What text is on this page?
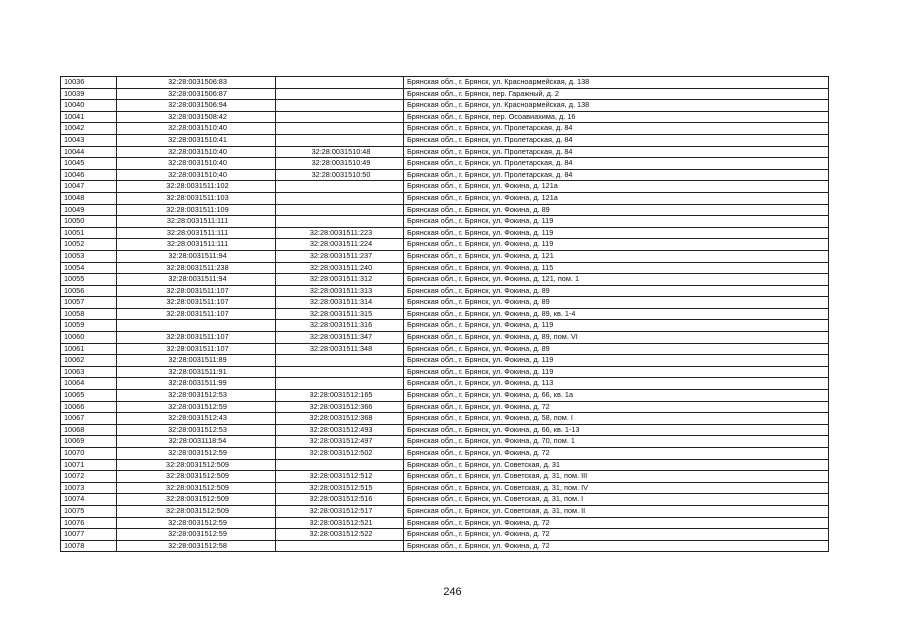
10036	32:28:0031506:83		Брянская обл., г. Брянск, ул. Красноармейская, д. 138
10039	32:28:0031506:87		Брянская обл., г. Брянск, пер. Гаражный, д. 2
10040	32:28:0031506:94		Брянская обл., г. Брянск, ул. Красноармейская, д. 138
10041	32:28:0031508:42		Брянская обл., г. Брянск, пер. Осоавиахима, д. 16
10042	32:28:0031510:40		Брянская обл., г. Брянск, ул. Пролетарская, д. 84
10043	32:28:0031510:41		Брянская обл., г. Брянск, ул. Пролетарская, д. 84
10044	32:28:0031510:40	32:28:0031510:48	Брянская обл., г. Брянск, ул. Пролетарская, д. 84
10045	32:28:0031510:40	32:28:0031510:49	Брянская обл., г. Брянск, ул. Пролетарская, д. 84
10046	32:28:0031510:40	32:28:0031510:50	Брянская обл., г. Брянск, ул. Пролетарская, д. 84
10047	32:28:0031511:102		Брянская обл., г. Брянск, ул. Фокина, д. 121а
10048	32:28:0031511:103		Брянская обл., г. Брянск, ул. Фокина, д. 121а
10049	32:28:0031511:109		Брянская обл., г. Брянск, ул. Фокина, д. 89
10050	32:28:0031511:111		Брянская обл., г. Брянск, ул. Фокина, д. 119
10051	32:28:0031511:111	32:28:0031511:223	Брянская обл., г. Брянск, ул. Фокина, д. 119
10052	32:28:0031511:111	32:28:0031511:224	Брянская обл., г. Брянск, ул. Фокина, д. 119
10053	32:28:0031511:94	32:28:0031511:237	Брянская обл., г. Брянск, ул. Фокина, д. 121
10054	32:28:0031511:238	32:28:0031511:240	Брянская обл., г. Брянск, ул. Фокина, д. 115
10055	32:28:0031511:94	32:28:0031511:312	Брянская обл., г. Брянск, ул. Фокина, д. 121, пом. 1
10056	32:28:0031511:107	32:28:0031511:313	Брянская обл., г. Брянск, ул. Фокина, д. 89
10057	32:28:0031511:107	32:28:0031511:314	Брянская обл., г. Брянск, ул. Фокина, д. 89
10058	32:28:0031511:107	32:28:0031511:315	Брянская обл., г. Брянск, ул. Фокина, д. 89, кв. 1-4
10059		32:28:0031511:316	Брянская обл., г. Брянск, ул. Фокина, д. 119
10060	32:28:0031511:107	32:28:0031511:347	Брянская обл., г. Брянск, ул. Фокина, д. 89, пом. VI
10061	32:28:0031511:107	32:28:0031511:348	Брянская обл., г. Брянск, ул. Фокина, д. 89
10062	32:28:0031511:89		Брянская обл., г. Брянск, ул. Фокина, д. 119
10063	32:28:0031511:91		Брянская обл., г. Брянск, ул. Фокина, д. 119
10064	32:28:0031511:99		Брянская обл., г. Брянск, ул. Фокина, д. 113
10065	32:28:0031512:53	32:28:0031512:165	Брянская обл., г. Брянск, ул. Фокина, д. 66, кв. 1а
10066	32:28:0031512:59	32:28:0031512:366	Брянская обл., г. Брянск, ул. Фокина, д. 72
10067	32:28:0031512:43	32:28:0031512:368	Брянская обл., г. Брянск, ул. Фокина, д. 58, пом. I
10068	32:28:0031512:53	32:28:0031512:493	Брянская обл., г. Брянск, ул. Фокина, д. 66, кв. 1-13
10069	32:28:0031118:54	32:28:0031512:497	Брянская обл., г. Брянск, ул. Фокина, д. 70, пом. 1
10070	32:28:0031512:59	32:28:0031512:502	Брянская обл., г. Брянск, ул. Фокина, д. 72
10071	32:28:0031512:509		Брянская обл., г. Брянск, ул. Советская, д. 31
10072	32:28:0031512:509	32:28:0031512:512	Брянская обл., г. Брянск, ул. Советская, д. 31, пом. III
10073	32:28:0031512:509	32:28:0031512:515	Брянская обл., г. Брянск, ул. Советская, д. 31, пом. IV
10074	32:28:0031512:509	32:28:0031512:516	Брянская обл., г. Брянск, ул. Советская, д. 31, пом. I
10075	32:28:0031512:509	32:28:0031512:517	Брянская обл., г. Брянск, ул. Советская, д. 31, пом. II
10076	32:28:0031512:59	32:28:0031512:521	Брянская обл., г. Брянск, ул. Фокина, д. 72
10077	32:28:0031512:59	32:28:0031512:522	Брянская обл., г. Брянск, ул. Фокина, д. 72
10078	32:28:0031512:58		Брянская обл., г. Брянск, ул. Фокина, д. 72
246
